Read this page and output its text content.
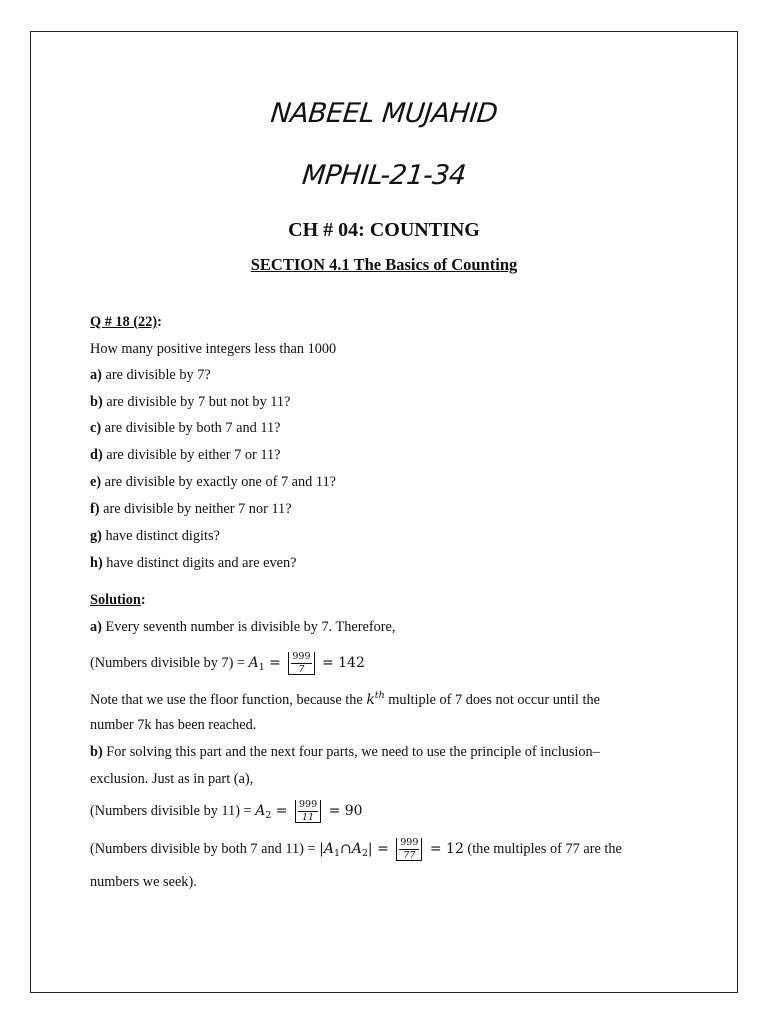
NABEEL MUJAHID
MPHIL-21-34
CH # 04: COUNTING
SECTION 4.1 The Basics of Counting
Q # 18 (22):
How many positive integers less than 1000
a) are divisible by 7?
b) are divisible by 7 but not by 11?
c) are divisible by both 7 and 11?
d) are divisible by either 7 or 11?
e) are divisible by exactly one of 7 and 11?
f) are divisible by neither 7 nor 11?
g) have distinct digits?
h) have distinct digits and are even?
Solution:
a) Every seventh number is divisible by 7. Therefore,
(Numbers divisible by $7) = A_1 = \frac{999}{7} = 142$
Note that we use the floor function, because the $k^{th}$ multiple of 7 does not occur until the
number 7k has been reached.
b) For solving this part and the next four parts, we need to use the principle of inclusion–
exclusion. Just as in part (a),
(Numbers divisible by $11) = A_2 = \frac{999}{11} = 90$
(Numbers divisible by both 7 and $11) = |A_1\cap A_2| = \frac{999}{77} = 12$ (the multiples of 77 are the
numbers we seek).
